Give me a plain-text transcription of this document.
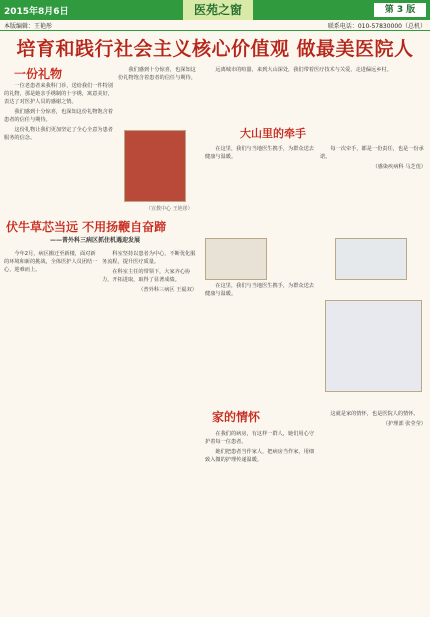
2015年8月6日	医苑之窗	第 3 版
本版编辑：王艳彤	联系电话：010-57830000（总机）
培育和践行社会主义核心价值观 做最美医院人
一份礼物

一位老患者来我科门诊，送给我们一件特别的礼物，那是她亲手绣制的十字绣，寓意美好，表达了对医护人员的感谢之情。

我们感到十分惊喜，也深知这份礼物饱含着患者的信任与期待。

这份礼物让我们更加坚定了全心全意为患者服务的信念。

我们感到十分惊喜，也深知这份礼物饱含着患者的信任与期待。

（宣教中心 王艳彤）

远离城市的喧嚣，来到大山深处，我们带着医疗技术与关爱，走进偏远乡村。

大山里的牵手

在这里，我们与当地医生携手，为群众送去健康与温暖。

每一次牵手，都是一份责任，也是一份承诺。

（感染疾病科 马芝莲）

伏牛草芯当远 不用扬鞭自奋蹄
——普外科三病区抓住机遇迎发展

今年2月，病区搬迁至新楼，面对新的环境和新的挑战，全体医护人员团结一心，迎难而上。

科室坚持以患者为中心，不断优化服务流程，提升医疗质量。

在科室主任的带领下，大家齐心协力，开拓进取，取得了显著成绩。

（普外科三病区 王福双）

在这里，我们与当地医生携手，为群众送去健康与温暖。

家的情怀

在我们的病房，有这样一群人，她们用心守护着每一位患者。

她们把患者当作家人，把病房当作家，用细致入微的护理传递温暖。

这就是家的情怀，也是医院人的情怀。

（护理部 张莹莹）
